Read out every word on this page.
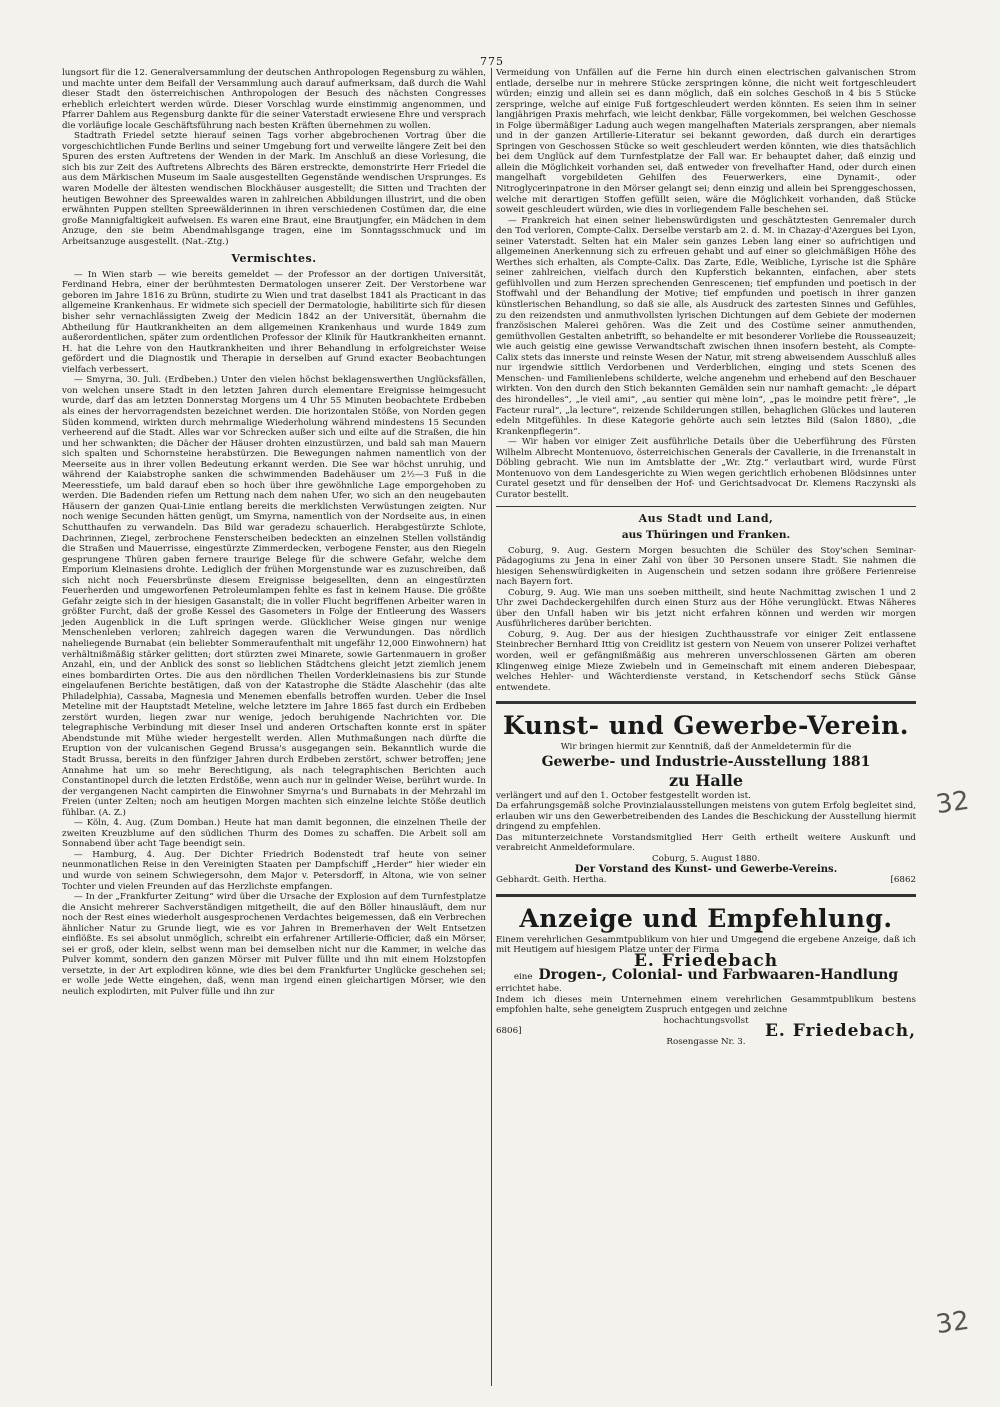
775

lungsort für die 12. Generalversammlung der deutschen Anthropologen Regensburg zu wählen, und machte unter dem Beifall der Versammlung auch darauf aufmerksam, daß durch die Wahl dieser Stadt den österreichischen Anthropologen der Besuch des nächsten Congresses erheblich erleichtert werden würde. Dieser Vorschlag wurde einstimmig angenommen, und Pfarrer Dahlem aus Regensburg dankte für die seiner Vaterstadt erwiesene Ehre und versprach die vorläufige locale Geschäftsführung nach besten Kräften übernehmen zu wollen.

Stadtrath Friedel setzte hierauf seinen Tags vorher abgebrochenen Vortrag über die vorgeschichtlichen Funde Berlins und seiner Umgebung fort und verweilte längere Zeit bei den Spuren des ersten Auftretens der Wenden in der Mark. Im Anschluß an diese Vorlesung, die sich bis zur Zeit des Auftretens Albrechts des Bären erstreckte, demonstrirte Herr Friedel die aus dem Märkischen Museum im Saale ausgestellten Gegenstände wendischen Ursprunges. Es waren Modelle der ältesten wendischen Blockhäuser ausgestellt; die Sitten und Trachten der heutigen Bewohner des Spreewaldes waren in zahlreichen Abbildungen illustrirt, und die oben erwähnten Puppen stellten Spreewälderinnen in ihren verschiedenen Costümen dar, die eine große Mannigfaltigkeit aufweisen. Es waren eine Braut, eine Brautjungfer, ein Mädchen in dem Anzuge, den sie beim Abendmahlsgange tragen, eine im Sonntagsschmuck und im Arbeitsanzuge ausgestellt. (Nat.-Ztg.)

Vermischtes.

— In Wien starb — wie bereits gemeldet — der Professor an der dortigen Universität, Ferdinand Hebra, einer der berühmtesten Dermatologen unserer Zeit. Der Verstorbene war geboren im Jahre 1816 zu Brünn, studirte zu Wien und trat daselbst 1841 als Practicant in das allgemeine Krankenhaus. Er widmete sich speciell der Dermatologie, habilitirte sich für diesen bisher sehr vernachlässigten Zweig der Medicin 1842 an der Universität, übernahm die Abtheilung für Hautkrankheiten an dem allgemeinen Krankenhaus und wurde 1849 zum außerordentlichen, später zum ordentlichen Professor der Klinik für Hautkrankheiten ernannt. H. hat die Lehre von den Hautkrankheiten und ihrer Behandlung in erfolgreichster Weise gefördert und die Diagnostik und Therapie in derselben auf Grund exacter Beobachtungen vielfach verbessert.

— Smyrna, 30. Juli. (Erdbeben.) Unter den vielen höchst beklagenswerthen Unglücksfällen, von welchen unsere Stadt in den letzten Jahren durch elementare Ereignisse heimgesucht wurde, darf das am letzten Donnerstag Morgens um 4 Uhr 55 Minuten beobachtete Erdbeben als eines der hervorragendsten bezeichnet werden. Die horizontalen Stöße, von Norden gegen Süden kommend, wirkten durch mehrmalige Wiederholung während mindestens 15 Secunden verheerend auf die Stadt. Alles war vor Schrecken außer sich und eilte auf die Straßen, die hin und her schwankten; die Dächer der Häuser drohten einzustürzen, und bald sah man Mauern sich spalten und Schornsteine herabstürzen. Die Bewegungen nahmen namentlich von der Meerseite aus in ihrer vollen Bedeutung erkannt werden. Die See war höchst unruhig, und während der Kaiabstrophe sanken die schwimmenden Badehäuser um 2½—3 Fuß in die Meeresstiefe, um bald darauf eben so hoch über ihre gewöhnliche Lage emporgehoben zu werden. Die Badenden riefen um Rettung nach dem nahen Ufer, wo sich an den neugebauten Häusern der ganzen Quai-Linie entlang bereits die merklichsten Verwüstungen zeigten. Nur noch wenige Secunden hätten genügt, um Smyrna, namentlich von der Nordseite aus, in einen Schutthaufen zu verwandeln. Das Bild war geradezu schauerlich. Herabgestürzte Schlote, Dachrinnen, Ziegel, zerbrochene Fensterscheiben bedeckten an einzelnen Stellen vollständig die Straßen und Mauerrisse, eingestürzte Zimmerdecken, verbogene Fenster, aus den Riegeln gesprungene Thüren gaben fernere traurige Belege für die schwere Gefahr, welche dem Emporium Kleinasiens drohte. Lediglich der frühen Morgenstunde war es zuzuschreiben, daß sich nicht noch Feuersbrünste diesem Ereignisse beigesellten, denn an eingestürzten Feuerherden und umgeworfenen Petroleumlampen fehlte es fast in keinem Hause. Die größte Gefahr zeigte sich in der hiesigen Gasanstalt; die in voller Flucht begriffenen Arbeiter waren in größter Furcht, daß der große Kessel des Gasometers in Folge der Entleerung des Wassers jeden Augenblick in die Luft springen werde. Glücklicher Weise gingen nur wenige Menschenleben verloren; zahlreich dagegen waren die Verwundungen. Das nördlich naheliegende Burnabat (ein beliebter Sommeraufenthalt mit ungefähr 12,000 Einwohnern) hat verhältnißmäßig stärker gelitten; dort stürzten zwei Minarete, sowie Gartenmauern in großer Anzahl, ein, und der Anblick des sonst so lieblichen Städtchens gleicht jetzt ziemlich jenem eines bombardirten Ortes. Die aus den nördlichen Theilen Vorderkleinasiens bis zur Stunde eingelaufenen Berichte bestätigen, daß von der Katastrophe die Städte Alaschehir (das alte Philadelphia), Cassaba, Magnesia und Menemen ebenfalls betroffen wurden. Ueber die Insel Meteline mit der Hauptstadt Meteline, welche letztere im Jahre 1865 fast durch ein Erdbeben zerstört wurden, liegen zwar nur wenige, jedoch beruhigende Nachrichten vor. Die telegraphische Verbindung mit dieser Insel und anderen Ortschaften konnte erst in später Abendstunde mit Mühe wieder hergestellt werden. Allen Muthmaßungen nach dürfte die Eruption von der vulcanischen Gegend Brussa's ausgegangen sein. Bekanntlich wurde die Stadt Brussa, bereits in den fünfziger Jahren durch Erdbeben zerstört, schwer betroffen; jene Annahme hat um so mehr Berechtigung, als nach telegraphischen Berichten auch Constantinopel durch die letzten Erdstöße, wenn auch nur in gelinder Weise, berührt wurde. In der vergangenen Nacht campirten die Einwohner Smyrna's und Burnabats in der Mehrzahl im Freien (unter Zelten; noch am heutigen Morgen machten sich einzelne leichte Stöße deutlich fühlbar. (A. Z.)

— Köln, 4. Aug. (Zum Domban.) Heute hat man damit begonnen, die einzelnen Theile der zweiten Kreuzblume auf den südlichen Thurm des Domes zu schaffen. Die Arbeit soll am Sonnabend über acht Tage beendigt sein.

— Hamburg, 4. Aug. Der Dichter Friedrich Bodenstedt traf heute von seiner neunmonatlichen Reise in den Vereinigten Staaten per Dampfschiff „Herder“ hier wieder ein und wurde von seinem Schwiegersohn, dem Major v. Petersdorff, in Altona, wie von seiner Tochter und vielen Freunden auf das Herzlichste empfangen.

— In der „Frankfurter Zeitung“ wird über die Ursache der Explosion auf dem Turnfestplatze die Ansicht mehrerer Sachverständigen mitgetheilt, die auf den Böller hinausläuft, dem nur noch der Rest eines wiederholt ausgesprochenen Verdachtes beigemessen, daß ein Verbrechen ähnlicher Natur zu Grunde liegt, wie es vor Jahren in Bremerhaven der Welt Entsetzen einflößte. Es sei absolut unmöglich, schreibt ein erfahrener Artillerie-Officier, daß ein Mörser, sei er groß, oder klein, selbst wenn man bei demselben nicht nur die Kammer, in welche das Pulver kommt, sondern den ganzen Mörser mit Pulver füllte und ihn mit einem Holzstopfen versetzte, in der Art explodiren könne, wie dies bei dem Frankfurter Unglücke geschehen sei; er wolle jede Wette eingehen, daß, wenn man irgend einen gleichartigen Mörser, wie den neulich explodirten, mit Pulver fülle und ihn zur

Vermeidung von Unfällen auf die Ferne hin durch einen electrischen galvanischen Strom entlade, derselbe nur in mehrere Stücke zerspringen könne, die nicht weit fortgeschleudert würden; einzig und allein sei es dann möglich, daß ein solches Geschoß in 4 bis 5 Stücke zerspringe, welche auf einige Fuß fortgeschleudert werden könnten. Es seien ihm in seiner langjährigen Praxis mehrfach, wie leicht denkbar, Fälle vorgekommen, bei welchen Geschosse in Folge übermäßiger Ladung auch wegen mangelhaften Materials zersprangen, aber niemals und in der ganzen Artillerie-Literatur sei bekannt geworden, daß durch ein derartiges Springen von Geschossen Stücke so weit geschleudert werden könnten, wie dies thatsächlich bei dem Unglück auf dem Turnfestplatze der Fall war. Er behauptet daher, daß einzig und allein die Möglichkeit vorhanden sei, daß entweder von frevelhafter Hand, oder durch einen mangelhaft vorgebildeten Gehilfen des Feuerwerkers, eine Dynamit-, oder Nitroglycerinpatrone in den Mörser gelangt sei; denn einzig und allein bei Sprenggeschossen, welche mit derartigen Stoffen gefüllt seien, wäre die Möglichkeit vorhanden, daß Stücke soweit geschleudert würden, wie dies in vorliegendem Falle beschehen sei.

— Frankreich hat einen seiner liebenswürdigsten und geschätztesten Genremaler durch den Tod verloren, Compte-Calix. Derselbe verstarb am 2. d. M. in Chazay-d'Azergues bei Lyon, seiner Vaterstadt. Selten hat ein Maler sein ganzes Leben lang einer so aufrichtigen und allgemeinen Anerkennung sich zu erfreuen gehabt und auf einer so gleichmäßigen Höhe des Werthes sich erhalten, als Compte-Calix. Das Zarte, Edle, Weibliche, Lyrische ist die Sphäre seiner zahlreichen, vielfach durch den Kupferstich bekannten, einfachen, aber stets gefühlvollen und zum Herzen sprechenden Genrescenen; tief empfunden und poetisch in der Stoffwahl und der Behandlung der Motive; tief empfunden und poetisch in ihrer ganzen künstlerischen Behandlung, so daß sie alle, als Ausdruck des zartesten Sinnes und Gefühles, zu den reizendsten und anmuthvollsten lyrischen Dichtungen auf dem Gebiete der modernen französischen Malerei gehören. Was die Zeit und des Costüme seiner anmuthenden, gemüthvollen Gestalten anbetrifft, so behandelte er mit besonderer Vorliebe die Rousseauzeit; wie auch geistig eine gewisse Verwandtschaft zwischen ihnen insofern besteht, als Compte-Calix stets das innerste und reinste Wesen der Natur, mit streng abweisendem Ausschluß alles nur irgendwie sittlich Verdorbenen und Verderblichen, einging und stets Scenen des Menschen- und Familienlebens schilderte, welche angenehm und erhebend auf den Beschauer wirkten. Von den durch den Stich bekannten Gemälden sein nur namhaft gemacht: „le départ des hirondelles“, „le vieil ami“, „au sentier qui mène loin“, „pas le moindre petit frère“, „le Facteur rural“, „la lecture“, reizende Schilderungen stillen, behaglichen Glückes und lauteren edeln Mitgefühles. In diese Kategorie gehörte auch sein letztes Bild (Salon 1880), „die Krankenpflegerin“.

— Wir haben vor einiger Zeit ausführliche Details über die Ueberführung des Fürsten Wilhelm Albrecht Montenuovo, österreichischen Generals der Cavallerie, in die Irrenanstalt in Döbling gebracht. Wie nun im Amtsblatte der „Wr. Ztg.“ verlautbart wird, wurde Fürst Montenuovo von dem Landesgerichte zu Wien wegen gerichtlich erhobenen Blödsinnes unter Curatel gesetzt und für denselben der Hof- und Gerichtsadvocat Dr. Klemens Raczynski als Curator bestellt.

Aus Stadt und Land,
aus Thüringen und Franken.

Coburg, 9. Aug. Gestern Morgen besuchten die Schüler des Stoy'schen Seminar-Pädagogiums zu Jena in einer Zahl von über 30 Personen unsere Stadt. Sie nahmen die hiesigen Sehenswürdigkeiten in Augenschein und setzen sodann ihre größere Ferienreise nach Bayern fort.

Coburg, 9. Aug. Wie man uns soeben mittheilt, sind heute Nachmittag zwischen 1 und 2 Uhr zwei Dachdeckergehilfen durch einen Sturz aus der Höhe verunglückt. Etwas Näheres über den Unfall haben wir bis jetzt nicht erfahren können und werden wir morgen Ausführlicheres darüber berichten.

Coburg, 9. Aug. Der aus der hiesigen Zuchthausstrafe vor einiger Zeit entlassene Steinbrecher Bernhard Ittig von Creidlitz ist gestern von Neuem von unserer Polizei verhaftet worden, weil er gefängnißmäßig aus mehreren unverschlossenen Gärten am oberen Klingenweg einige Mieze Zwiebeln und in Gemeinschaft mit einem anderen Diebespaar, welches Hehler- und Wächterdienste verstand, in Ketschendorf sechs Stück Gänse entwendete.

Kunst- und Gewerbe-Verein.
Wir bringen hiermit zur Kenntniß, daß der Anmeldetermin für die
Gewerbe- und Industrie-Ausstellung 1881
zu Halle
verlängert und auf den 1. October festgestellt worden ist.
Da erfahrungsgemäß solche Provinzialausstellungen meistens von gutem Erfolg begleitet sind, erlauben wir uns den Gewerbetreibenden des Landes die Beschickung der Ausstellung hiermit dringend zu empfehlen.
Das mitunterzeichnete Vorstandsmitglied Herr Geith ertheilt weitere Auskunft und verabreicht Anmeldeformulare.
Coburg, 5. August 1880.
Der Vorstand des Kunst- und Gewerbe-Vereins.
Gebhardt. Geith. Hertha.	[6862
Anzeige und Empfehlung.
Einem verehrlichen Gesammtpublikum von hier und Umgegend die ergebene Anzeige, daß ich mit Heutigem auf hiesigem Platze unter der Firma
E. Friedebach
eine Drogen-, Colonial- und Farbwaaren-Handlung
errichtet habe.
Indem ich dieses mein Unternehmen einem verehrlichen Gesammtpublikum bestens empfohlen halte, sehe geneigtem Zuspruch entgegen und zeichne
hochachtungsvollst
6806]	E. Friedebach,
Rosengasse Nr. 3.
32
32
